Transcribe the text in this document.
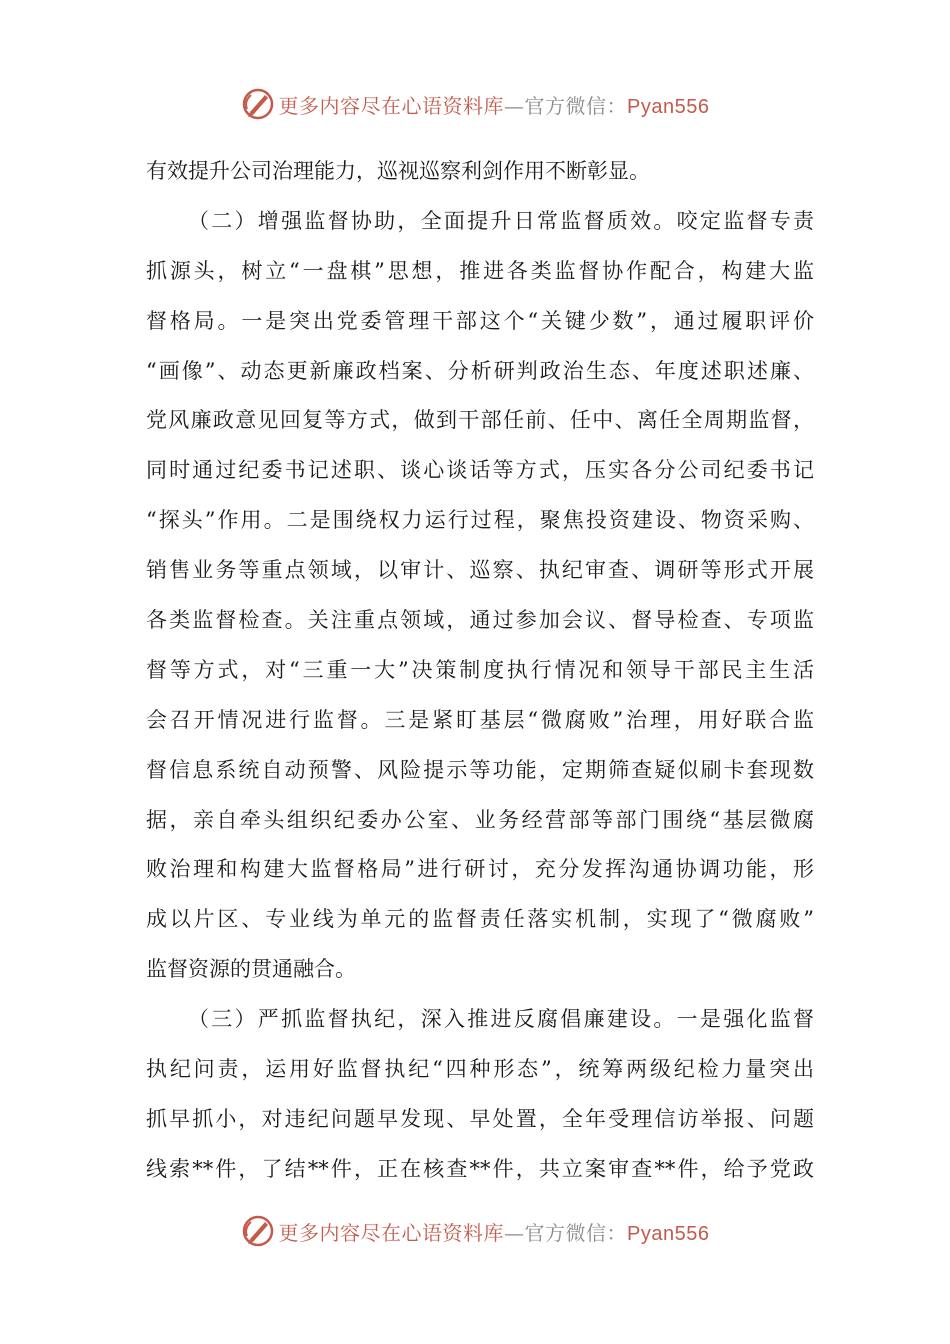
更多内容尽在心语资料库—官方微信：Pyan556
有效提升公司治理能力，巡视巡察利剑作用不断彰显。
（二）增强监督协助，全面提升日常监督质效。咬定监督专责
抓源头，树立“一盘棋”思想，推进各类监督协作配合，构建大监
督格局。一是突出党委管理干部这个“关键少数”，通过履职评价
“画像”、动态更新廉政档案、分析研判政治生态、年度述职述廉、
党风廉政意见回复等方式，做到干部任前、任中、离任全周期监督，
同时通过纪委书记述职、谈心谈话等方式，压实各分公司纪委书记
“探头”作用。二是围绕权力运行过程，聚焦投资建设、物资采购、
销售业务等重点领域，以审计、巡察、执纪审查、调研等形式开展
各类监督检查。关注重点领域，通过参加会议、督导检查、专项监
督等方式，对“三重一大”决策制度执行情况和领导干部民主生活
会召开情况进行监督。三是紧盯基层“微腐败”治理，用好联合监
督信息系统自动预警、风险提示等功能，定期筛查疑似刷卡套现数
据，亲自牵头组织纪委办公室、业务经营部等部门围绕“基层微腐
败治理和构建大监督格局”进行研讨，充分发挥沟通协调功能，形
成以片区、专业线为单元的监督责任落实机制，实现了“微腐败”
监督资源的贯通融合。
（三）严抓监督执纪，深入推进反腐倡廉建设。一是强化监督
执纪问责，运用好监督执纪“四种形态”，统筹两级纪检力量突出
抓早抓小，对违纪问题早发现、早处置，全年受理信访举报、问题
线索**件，了结**件，正在核查**件，共立案审查**件，给予党政
更多内容尽在心语资料库—官方微信：Pyan556
